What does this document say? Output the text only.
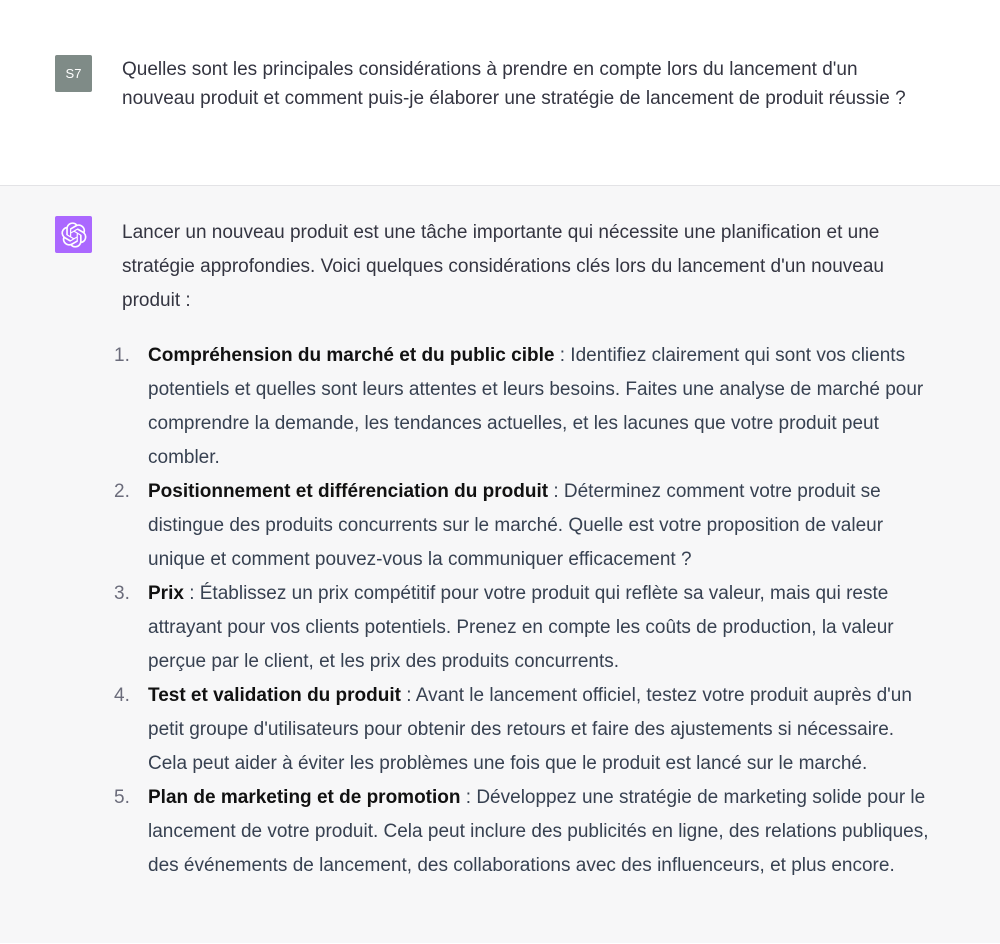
S7	Quelles sont les principales considérations à prendre en compte lors du lancement d'un nouveau produit et comment puis-je élaborer une stratégie de lancement de produit réussie ?

Lancer un nouveau produit est une tâche importante qui nécessite une planification et une stratégie approfondies. Voici quelques considérations clés lors du lancement d'un nouveau produit :

1. Compréhension du marché et du public cible : Identifiez clairement qui sont vos clients potentiels et quelles sont leurs attentes et leurs besoins. Faites une analyse de marché pour comprendre la demande, les tendances actuelles, et les lacunes que votre produit peut combler.
2. Positionnement et différenciation du produit : Déterminez comment votre produit se distingue des produits concurrents sur le marché. Quelle est votre proposition de valeur unique et comment pouvez-vous la communiquer efficacement ?
3. Prix : Établissez un prix compétitif pour votre produit qui reflète sa valeur, mais qui reste attrayant pour vos clients potentiels. Prenez en compte les coûts de production, la valeur perçue par le client, et les prix des produits concurrents.
4. Test et validation du produit : Avant le lancement officiel, testez votre produit auprès d'un petit groupe d'utilisateurs pour obtenir des retours et faire des ajustements si nécessaire. Cela peut aider à éviter les problèmes une fois que le produit est lancé sur le marché.
5. Plan de marketing et de promotion : Développez une stratégie de marketing solide pour le lancement de votre produit. Cela peut inclure des publicités en ligne, des relations publiques, des événements de lancement, des collaborations avec des influenceurs, et plus encore.
